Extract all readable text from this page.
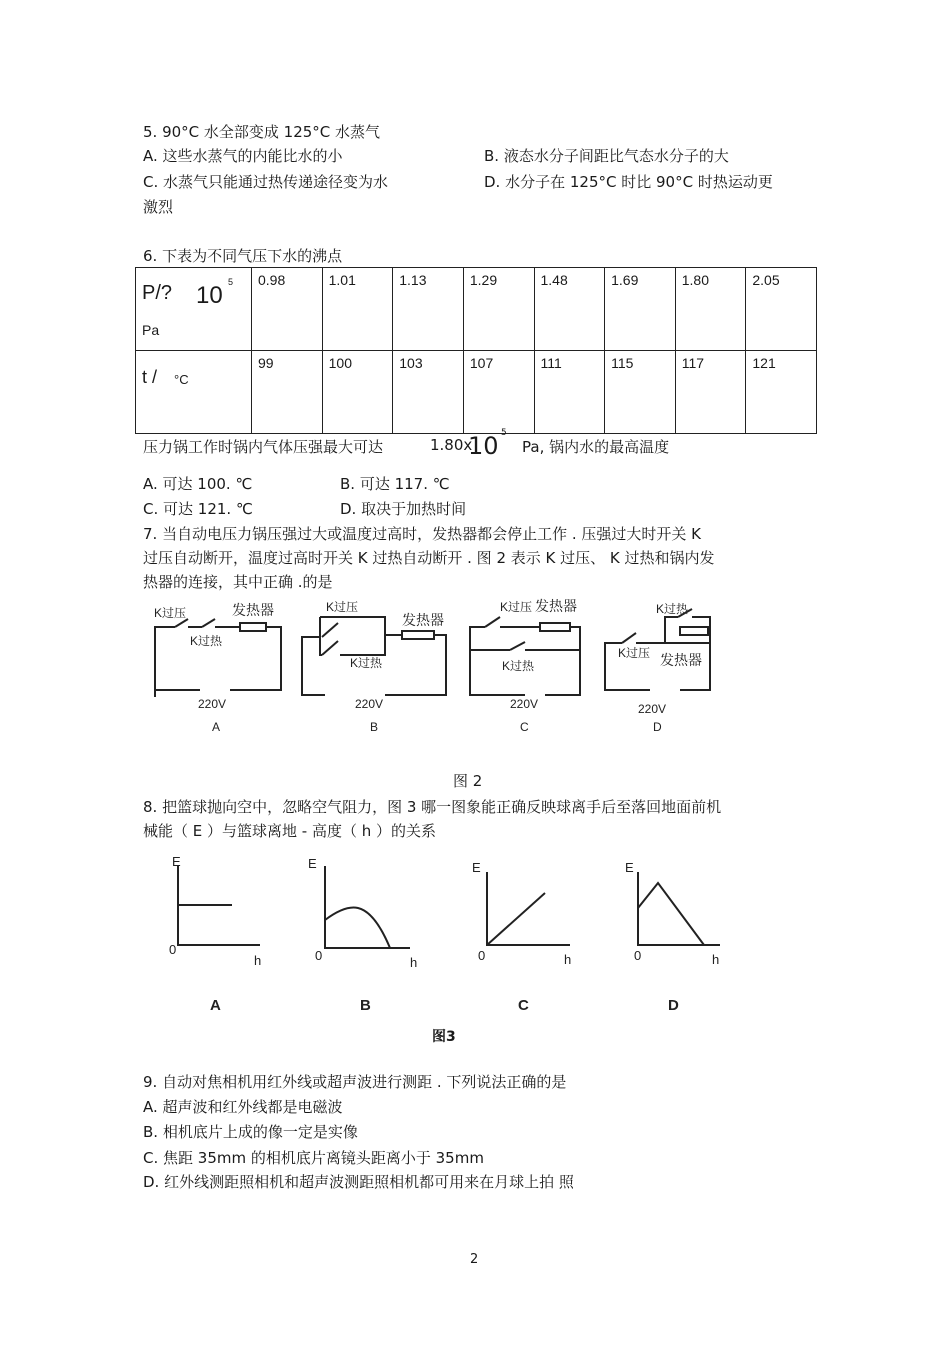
5. 90°C 水全部变成 125°C 水蒸气
A. 这些水蒸气的内能比水的小	B. 液态水分子间距比气态水分子的大
C. 水蒸气只能通过热传递途径变为水	D. 水分子在 125°C 时比 90°C 时热运动更
激烈
6. 下表为不同气压下水的沸点
P/? 10 5
Pa	0.98	1.01	1.13	1.29	1.48	1.69	1.80	2.05

t / °C	99	100	103	107	111	115	117	121
压力锅工作时锅内气体压强最大可达	1.80x
10 5
Pa, 锅内水的最高温度
A. 可达 100. ℃	B. 可达 117. ℃
C. 可达 121. ℃	D. 取决于加热时间
7. 当自动电压力锅压强过大或温度过高时，发热器都会停止工作 . 压强过大时开关 K
过压自动断开，温度过高时开关 K 过热自动断开 . 图 2 表示 K 过压、 K 过热和锅内发
热器的连接，其中正确 .的是
K过压
K过热
发热器
220V
A
K过压
K过热
发热器
220V
B
K过压 发热器
K过热
220V
C
K过热
K过压 发热器
220V
D
图 2
8. 把篮球抛向空中，忽略空气阻力，图 3 哪一图象能正确反映球离手后至落回地面前机
械能（ E ）与篮球离地 - 高度（ h ）的关系
E
0
h
A
E
0	h
B
E
0	h
C
E
0	h
D
图3
9. 自动对焦相机用红外线或超声波进行测距 . 下列说法正确的是
A. 超声波和红外线都是电磁波
B. 相机底片上成的像一定是实像
C. 焦距 35mm 的相机底片离镜头距离小于 35mm
D. 红外线测距照相机和超声波测距照相机都可用来在月球上拍 照
2
